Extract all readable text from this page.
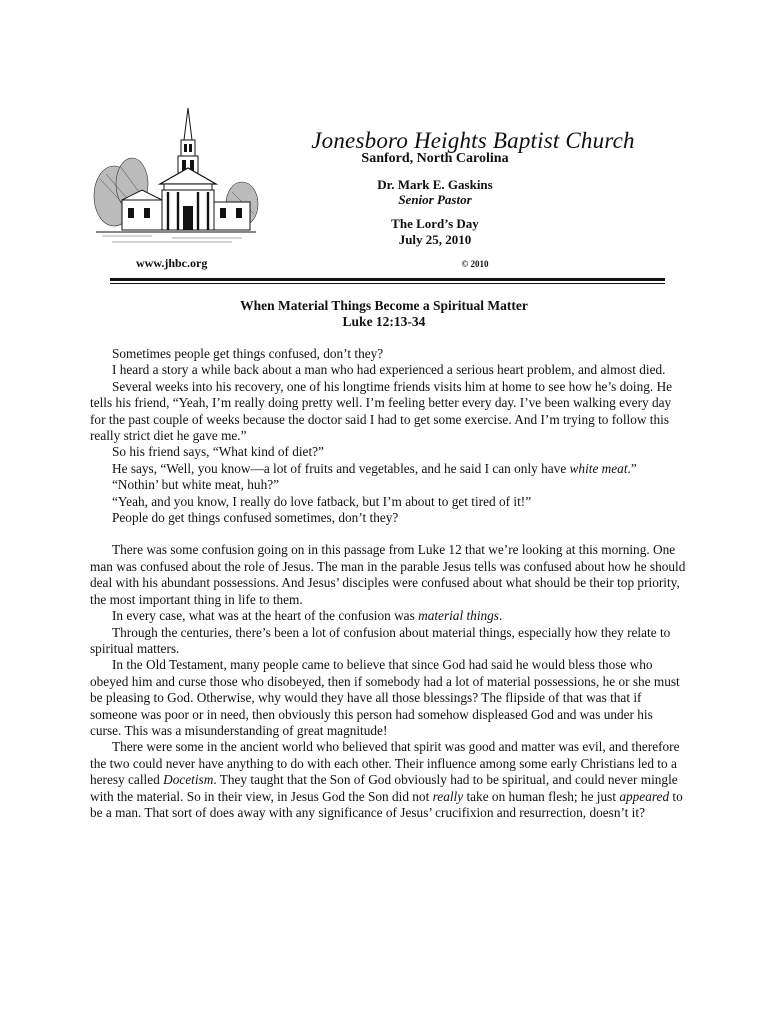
www.jhbc.org
Jonesboro Heights Baptist Church
Sanford, North Carolina
Dr. Mark E. Gaskins
Senior Pastor
The Lord’s Day
July 25, 2010
© 2010
When Material Things Become a Spiritual Matter
Luke 12:13-34

Sometimes people get things confused, don’t they?

I heard a story a while back about a man who had experienced a serious heart problem, and almost died.

Several weeks into his recovery, one of his longtime friends visits him at home to see how he’s doing. He tells his friend, “Yeah, I’m really doing pretty well. I’m feeling better every day. I’ve been walking every day for the past couple of weeks because the doctor said I had to get some exercise. And I’m trying to follow this really strict diet he gave me.”

So his friend says, “What kind of diet?”

He says, “Well, you know—a lot of fruits and vegetables, and he said I can only have white meat.”

“Nothin’ but white meat, huh?”

“Yeah, and you know, I really do love fatback, but I’m about to get tired of it!”

People do get things confused sometimes, don’t they?

There was some confusion going on in this passage from Luke 12 that we’re looking at this morning. One man was confused about the role of Jesus. The man in the parable Jesus tells was confused about how he should deal with his abundant possessions. And Jesus’ disciples were confused about what should be their top priority, the most important thing in life to them.

In every case, what was at the heart of the confusion was material things.

Through the centuries, there’s been a lot of confusion about material things, especially how they relate to spiritual matters.

In the Old Testament, many people came to believe that since God had said he would bless those who obeyed him and curse those who disobeyed, then if somebody had a lot of material possessions, he or she must be pleasing to God. Otherwise, why would they have all those blessings? The flipside of that was that if someone was poor or in need, then obviously this person had somehow displeased God and was under his curse. This was a misunderstanding of great magnitude!

There were some in the ancient world who believed that spirit was good and matter was evil, and therefore the two could never have anything to do with each other. Their influence among some early Christians led to a heresy called Docetism. They taught that the Son of God obviously had to be spiritual, and could never mingle with the material. So in their view, in Jesus God the Son did not really take on human flesh; he just appeared to be a man. That sort of does away with any significance of Jesus’ crucifixion and resurrection, doesn’t it?
